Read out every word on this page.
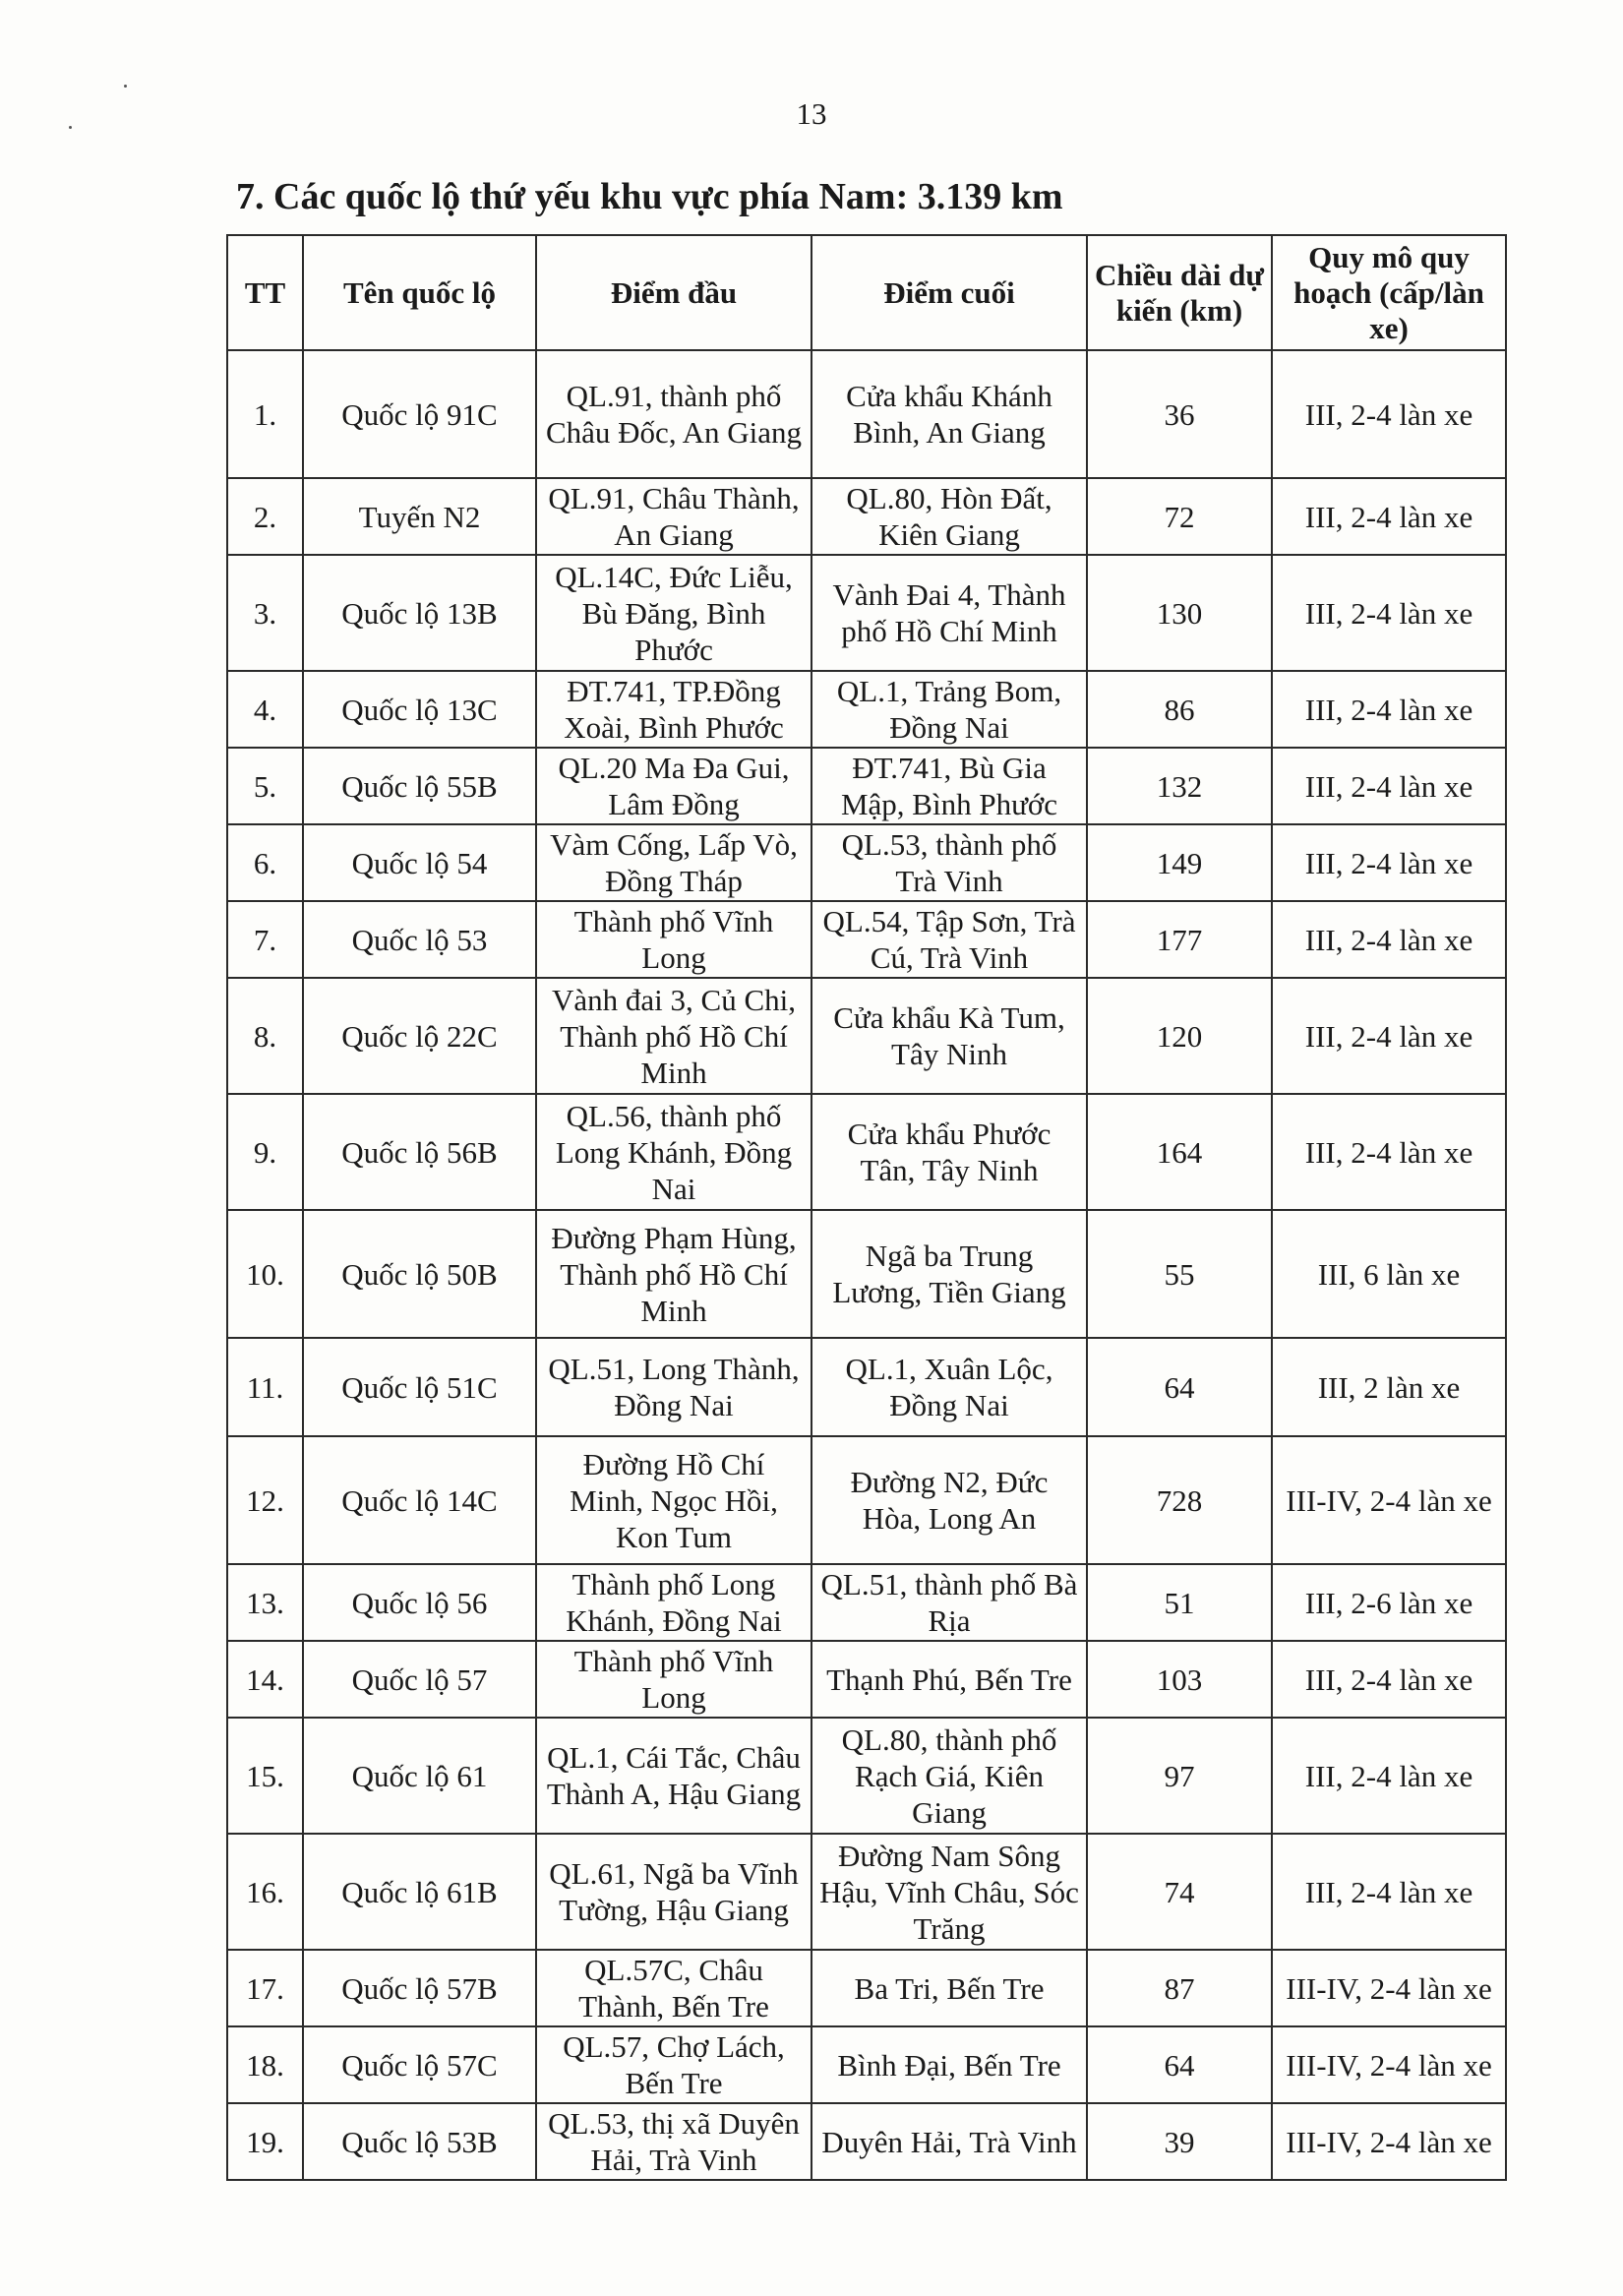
13
7. Các quốc lộ thứ yếu khu vực phía Nam: 3.139 km
TT	Tên quốc lộ	Điểm đầu	Điểm cuối	Chiều dài dự kiến (km)	Quy mô quy hoạch (cấp/làn xe)
1.	Quốc lộ 91C	QL.91, thành phố Châu Đốc, An Giang	Cửa khẩu Khánh Bình, An Giang	36	III, 2-4 làn xe
2.	Tuyến N2	QL.91, Châu Thành, An Giang	QL.80, Hòn Đất, Kiên Giang	72	III, 2-4 làn xe
3.	Quốc lộ 13B	QL.14C, Đức Liễu, Bù Đăng, Bình Phước	Vành Đai 4, Thành phố Hồ Chí Minh	130	III, 2-4 làn xe
4.	Quốc lộ 13C	ĐT.741, TP.Đồng Xoài, Bình Phước	QL.1, Trảng Bom, Đồng Nai	86	III, 2-4 làn xe
5.	Quốc lộ 55B	QL.20 Ma Đa Gui, Lâm Đồng	ĐT.741, Bù Gia Mập, Bình Phước	132	III, 2-4 làn xe
6.	Quốc lộ 54	Vàm Cống, Lấp Vò, Đồng Tháp	QL.53, thành phố Trà Vinh	149	III, 2-4 làn xe
7.	Quốc lộ 53	Thành phố Vĩnh Long	QL.54, Tập Sơn, Trà Cú, Trà Vinh	177	III, 2-4 làn xe
8.	Quốc lộ 22C	Vành đai 3, Củ Chi, Thành phố Hồ Chí Minh	Cửa khẩu Kà Tum, Tây Ninh	120	III, 2-4 làn xe
9.	Quốc lộ 56B	QL.56, thành phố Long Khánh, Đồng Nai	Cửa khẩu Phước Tân, Tây Ninh	164	III, 2-4 làn xe
10.	Quốc lộ 50B	Đường Phạm Hùng, Thành phố Hồ Chí Minh	Ngã ba Trung Lương, Tiền Giang	55	III, 6 làn xe
11.	Quốc lộ 51C	QL.51, Long Thành, Đồng Nai	QL.1, Xuân Lộc, Đồng Nai	64	III, 2 làn xe
12.	Quốc lộ 14C	Đường Hồ Chí Minh, Ngọc Hồi, Kon Tum	Đường N2, Đức Hòa, Long An	728	III-IV, 2-4 làn xe
13.	Quốc lộ 56	Thành phố Long Khánh, Đồng Nai	QL.51, thành phố Bà Rịa	51	III, 2-6 làn xe
14.	Quốc lộ 57	Thành phố Vĩnh Long	Thạnh Phú, Bến Tre	103	III, 2-4 làn xe
15.	Quốc lộ 61	QL.1, Cái Tắc, Châu Thành A, Hậu Giang	QL.80, thành phố Rạch Giá, Kiên Giang	97	III, 2-4 làn xe
16.	Quốc lộ 61B	QL.61, Ngã ba Vĩnh Tường, Hậu Giang	Đường Nam Sông Hậu, Vĩnh Châu, Sóc Trăng	74	III, 2-4 làn xe
17.	Quốc lộ 57B	QL.57C, Châu Thành, Bến Tre	Ba Tri, Bến Tre	87	III-IV, 2-4 làn xe
18.	Quốc lộ 57C	QL.57, Chợ Lách, Bến Tre	Bình Đại, Bến Tre	64	III-IV, 2-4 làn xe
19.	Quốc lộ 53B	QL.53, thị xã Duyên Hải, Trà Vinh	Duyên Hải, Trà Vinh	39	III-IV, 2-4 làn xe
